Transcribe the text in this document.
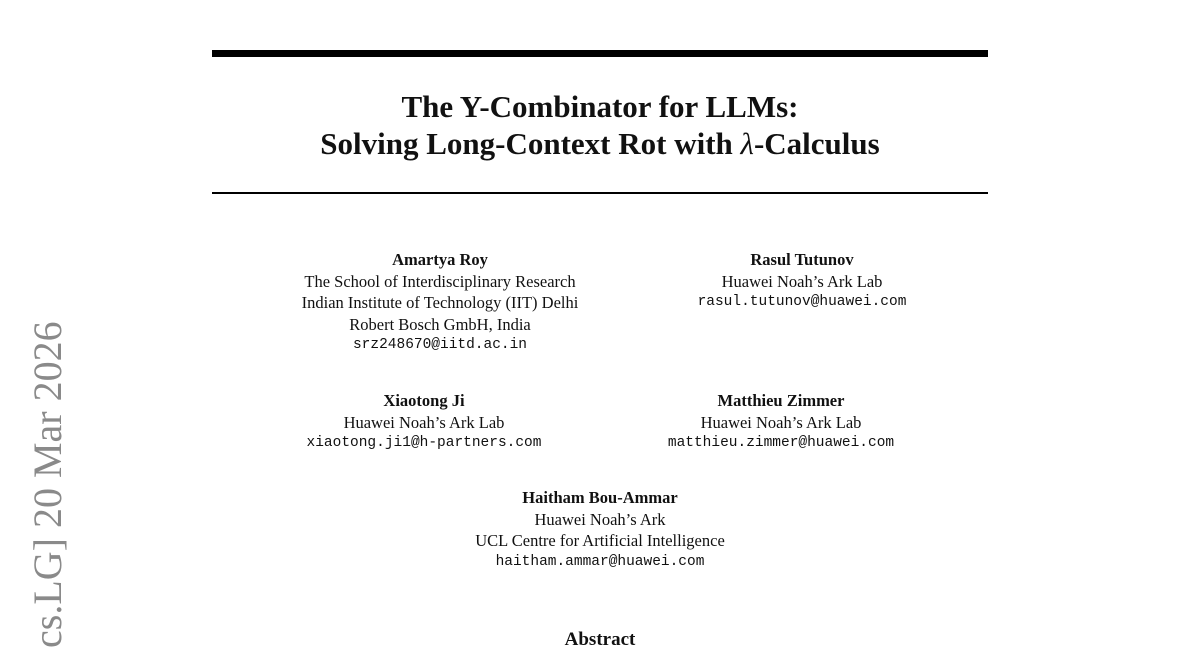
The Y-Combinator for LLMs:
Solving Long-Context Rot with λ-Calculus
Amartya Roy
The School of Interdisciplinary Research
Indian Institute of Technology (IIT) Delhi
Robert Bosch GmbH, India
srz248670@iitd.ac.in
Rasul Tutunov
Huawei Noah’s Ark Lab
rasul.tutunov@huawei.com
Xiaotong Ji
Huawei Noah’s Ark Lab
xiaotong.ji1@h-partners.com
Matthieu Zimmer
Huawei Noah’s Ark Lab
matthieu.zimmer@huawei.com
Haitham Bou-Ammar
Huawei Noah’s Ark
UCL Centre for Artificial Intelligence
haitham.ammar@huawei.com
cs.LG] 20 Mar 2026	Abstract
